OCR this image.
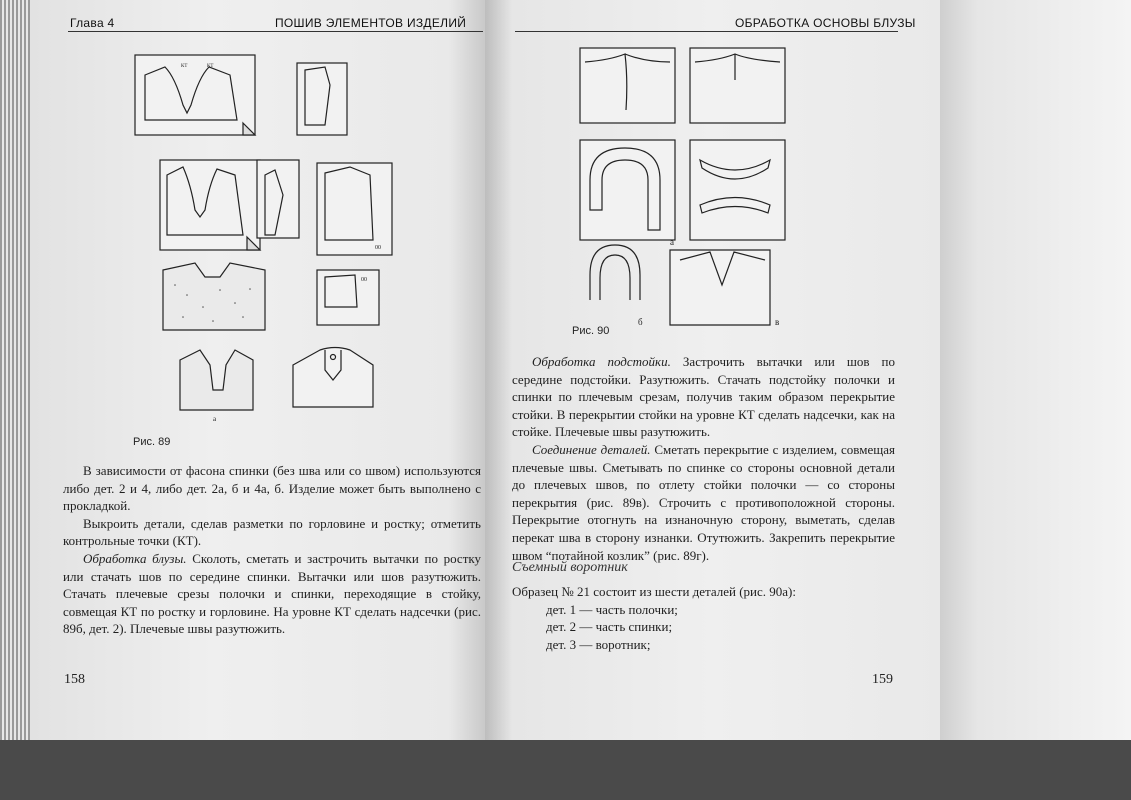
Глава 4	ПОШИВ ЭЛЕМЕНТОВ ИЗДЕЛИЙ
КТ	КТ
00
00
а
Рис. 89

В зависимости от фасона спинки (без шва или со швом) используются либо дет. 2 и 4, либо дет. 2а, б и 4а, б. Изделие может быть выполнено с прокладкой.

Выкроить детали, сделав разметки по горловине и ростку; отметить контрольные точки (КТ).

Обработка блузы. Сколоть, сметать и застрочить вытачки по ростку или стачать шов по середине спинки. Вытачки или шов разутюжить. Стачать плечевые срезы полочки и спинки, переходящие в стойку, совмещая КТ по ростку и горловине. На уровне КТ сделать надсечки (рис. 89б, дет. 2). Плечевые швы разутюжить.

158
ОБРАБОТКА ОСНОВЫ БЛУЗЫ
а
б	в
Рис. 90

Обработка подстойки. Застрочить вытачки или шов по середине подстойки. Разутюжить. Стачать подстойку полочки и спинки по плечевым срезам, получив таким образом перекрытие стойки. В перекрытии стойки на уровне КТ сделать надсечки, как на стойке. Плечевые швы разутюжить.

Соединение деталей. Сметать перекрытие с изделием, совмещая плечевые швы. Сметывать по спинке со стороны основной детали до плечевых швов, по отлету стойки полочки — со стороны перекрытия (рис. 89в). Строчить с противоположной стороны. Перекрытие отогнуть на изнаночную сторону, выметать, сделав перекат шва в сторону изнанки. Отутюжить. Закрепить перекрытие швом “потайной козлик” (рис. 89г).

Съемный воротник

Образец № 21 состоит из шести деталей (рис. 90а):

дет. 1 — часть полочки;

дет. 2 — часть спинки;

дет. 3 — воротник;

159
